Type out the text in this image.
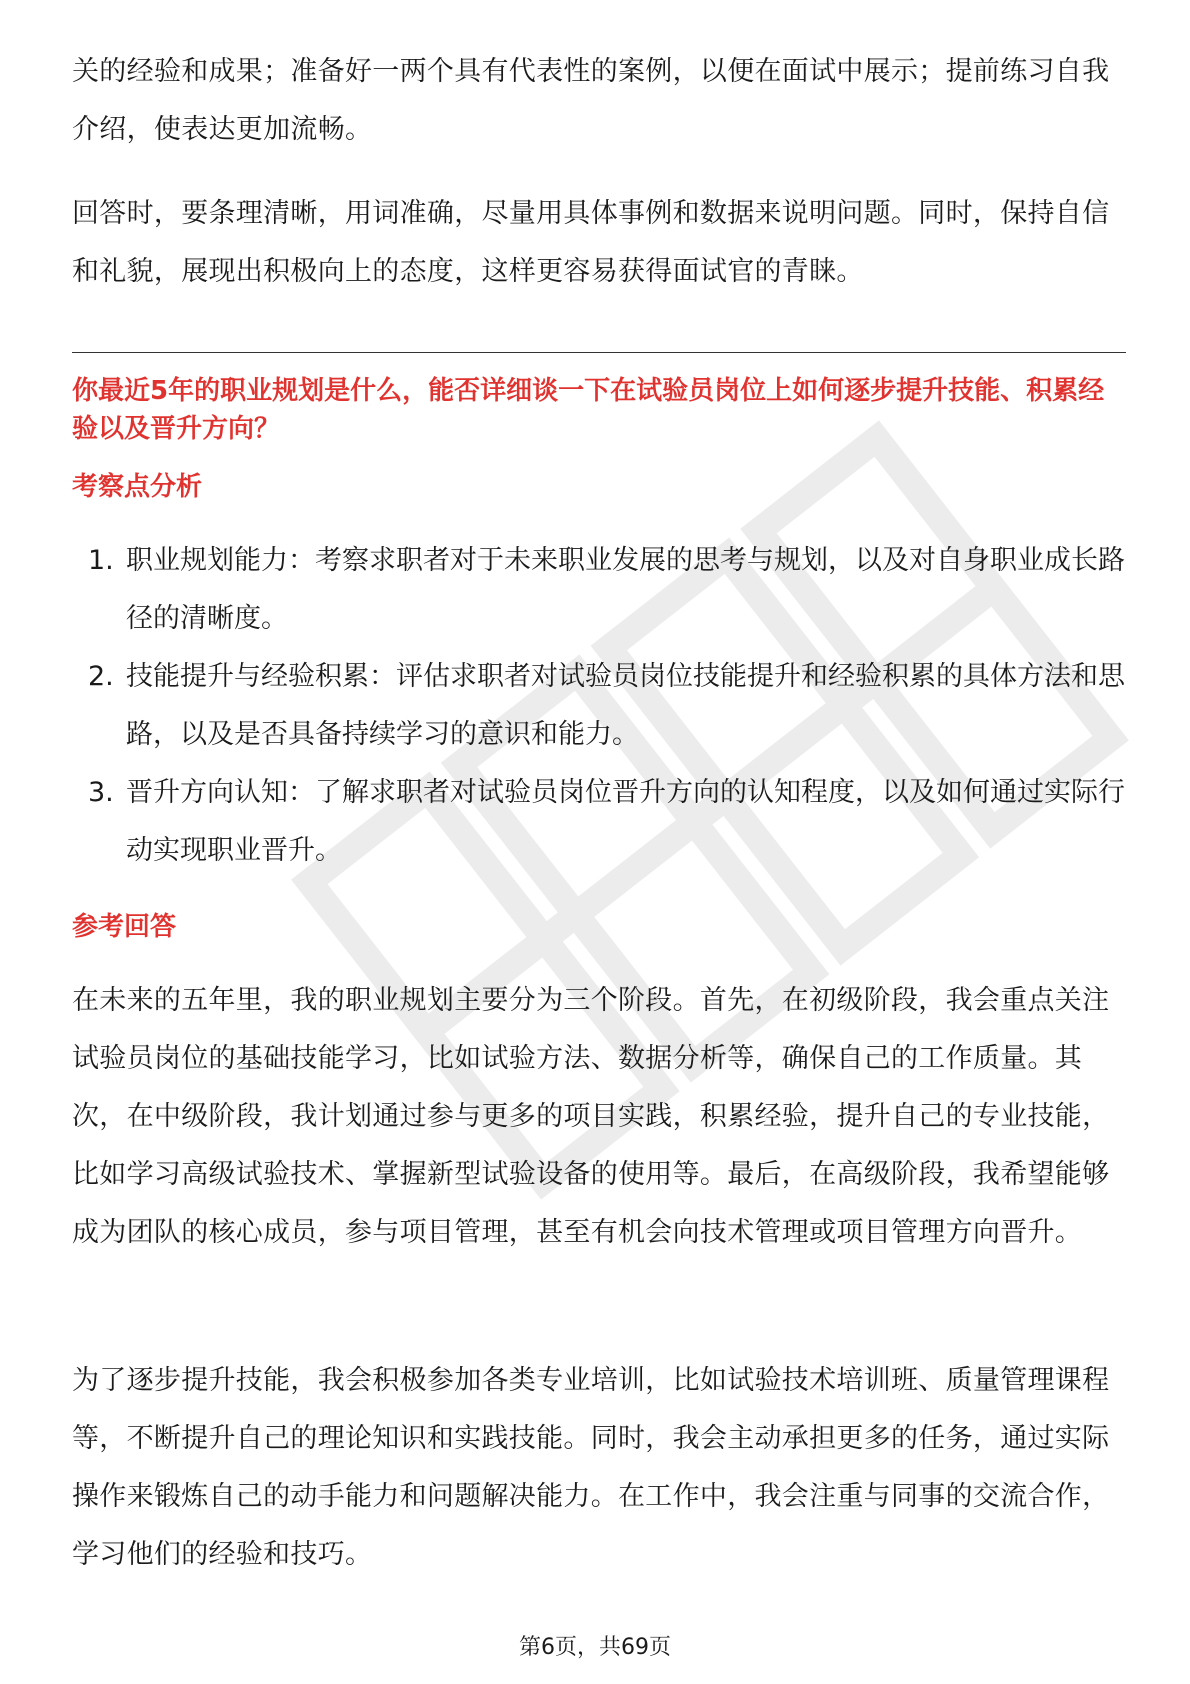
关的经验和成果；准备好一两个具有代表性的案例，以便在面试中展示；提前练习自我介绍，使表达更加流畅。

回答时，要条理清晰，用词准确，尽量用具体事例和数据来说明问题。同时，保持自信和礼貌，展现出积极向上的态度，这样更容易获得面试官的青睐。

你最近5年的职业规划是什么，能否详细谈一下在试验员岗位上如何逐步提升技能、积累经验以及晋升方向？

考察点分析

1. 职业规划能力：考察求职者对于未来职业发展的思考与规划，以及对自身职业成长路径的清晰度。
2. 技能提升与经验积累：评估求职者对试验员岗位技能提升和经验积累的具体方法和思路，以及是否具备持续学习的意识和能力。
3. 晋升方向认知：了解求职者对试验员岗位晋升方向的认知程度，以及如何通过实际行动实现职业晋升。

参考回答

在未来的五年里，我的职业规划主要分为三个阶段。首先，在初级阶段，我会重点关注试验员岗位的基础技能学习，比如试验方法、数据分析等，确保自己的工作质量。其次，在中级阶段，我计划通过参与更多的项目实践，积累经验，提升自己的专业技能，比如学习高级试验技术、掌握新型试验设备的使用等。最后，在高级阶段，我希望能够成为团队的核心成员，参与项目管理，甚至有机会向技术管理或项目管理方向晋升。

为了逐步提升技能，我会积极参加各类专业培训，比如试验技术培训班、质量管理课程等，不断提升自己的理论知识和实践技能。同时，我会主动承担更多的任务，通过实际操作来锻炼自己的动手能力和问题解决能力。在工作中，我会注重与同事的交流合作，学习他们的经验和技巧。

第6页，共69页
